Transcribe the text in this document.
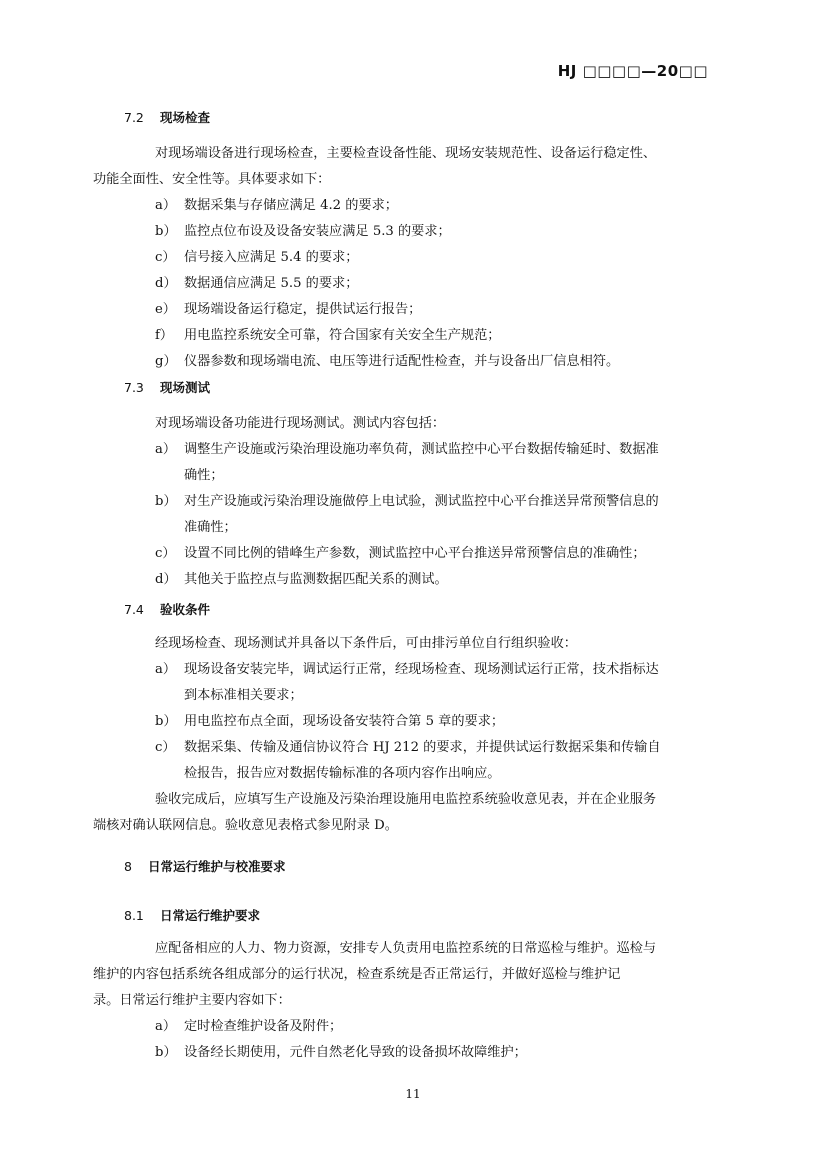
HJ □□□□—20□□
7.2 现场检查
对现场端设备进行现场检查，主要检查设备性能、现场安装规范性、设备运行稳定性、
功能全面性、安全性等。具体要求如下：
a） 数据采集与存储应满足 4.2 的要求；
b） 监控点位布设及设备安装应满足 5.3 的要求；
c） 信号接入应满足 5.4 的要求；
d） 数据通信应满足 5.5 的要求；
e） 现场端设备运行稳定，提供试运行报告；
f） 用电监控系统安全可靠，符合国家有关安全生产规范；
g） 仪器参数和现场端电流、电压等进行适配性检查，并与设备出厂信息相符。
7.3 现场测试
对现场端设备功能进行现场测试。测试内容包括：
a） 调整生产设施或污染治理设施功率负荷，测试监控中心平台数据传输延时、数据准
确性；
b） 对生产设施或污染治理设施做停上电试验，测试监控中心平台推送异常预警信息的
准确性；
c） 设置不同比例的错峰生产参数，测试监控中心平台推送异常预警信息的准确性；
d） 其他关于监控点与监测数据匹配关系的测试。
7.4 验收条件
经现场检查、现场测试并具备以下条件后，可由排污单位自行组织验收：
a） 现场设备安装完毕，调试运行正常，经现场检查、现场测试运行正常，技术指标达
到本标准相关要求；
b） 用电监控布点全面，现场设备安装符合第 5 章的要求；
c） 数据采集、传输及通信协议符合 HJ 212 的要求，并提供试运行数据采集和传输自
检报告，报告应对数据传输标准的各项内容作出响应。
验收完成后，应填写生产设施及污染治理设施用电监控系统验收意见表，并在企业服务
端核对确认联网信息。验收意见表格式参见附录 D。
8 日常运行维护与校准要求
8.1 日常运行维护要求
应配备相应的人力、物力资源，安排专人负责用电监控系统的日常巡检与维护。巡检与
维护的内容包括系统各组成部分的运行状况，检查系统是否正常运行，并做好巡检与维护记
录。日常运行维护主要内容如下：
a） 定时检查维护设备及附件；
b） 设备经长期使用，元件自然老化导致的设备损坏故障维护；
11
